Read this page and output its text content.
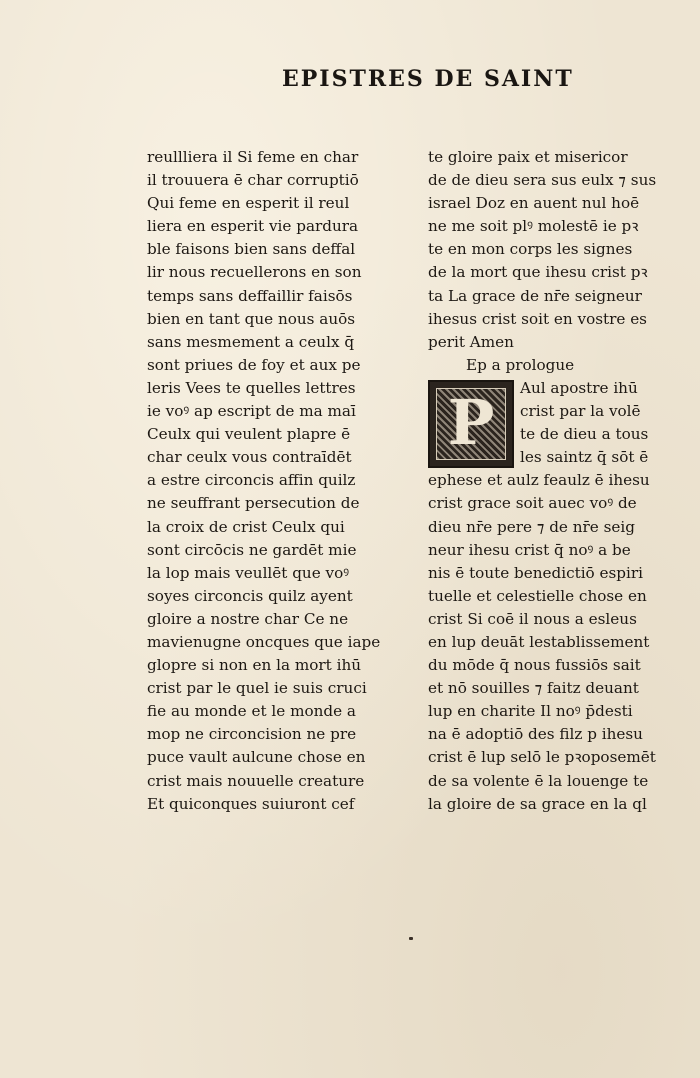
EPISTRES DE SAINT
reullliera il Si feme en char
il trouuera ē char corruptiō
Qui feme en esperit il reul
liera en esperit vie pardura
ble faisons bien sans deffal
lir nous recuellerons en son
temps sans deffaillir faisōs
bien en tant que nous auōs
sans mesmement a ceulx q̄
sont priues de foy et aux pe
leris Vees te quelles lettres
ie voꝰ ap escript de ma maī
Ceulx qui veulent plapre ē
char ceulx vous contraīdēt
a estre circoncis affin quilz
ne seuffrant persecution de
la croix de crist Ceulx qui
sont circōcis ne gardēt mie
la lop mais veullēt que voꝰ
soyes circoncis quilz ayent
gloire a nostre char Ce ne
mavienugne oncques que iape
glopre si non en la mort ihū
crist par le quel ie suis cruci
fie au monde et le monde a
mop ne circoncision ne pre
puce vault aulcune chose en
crist mais nouuelle creature
Et quiconques suiuront cef
te gloire paix et misericor
de de dieu sera sus eulx ⁊ sus
israel Doz en auent nul hoē
ne me soit plꝰ molestē ie pꝛ
te en mon corps les signes
de la mort que ihesu crist pꝛ
ta La grace de nr̄e seigneur
ihesus crist soit en vostre es
perit Amen
Ep a prologue
Aul apostre ihū
crist par la volē
te de dieu a tous
les saintz q̄ sōt ē
ephese et aulz feaulz ē ihesu
crist grace soit auec voꝰ de
dieu nr̄e pere ⁊ de nr̄e seig
neur ihesu crist q̄ noꝰ a be
nis ē toute benedictiō espiri
tuelle et celestielle chose en
crist Si coē il nous a esleus
en lup deuāt lestablissement
du mōde q̄ nous fussiōs sait
et nō souilles ⁊ faitz deuant
lup en charite Il noꝰ p̄desti
na ē adoptiō des filz p ihesu
crist ē lup selō le pꝛoposemēt
de sa volente ē la louenge te
la gloire de sa grace en la ql
P
